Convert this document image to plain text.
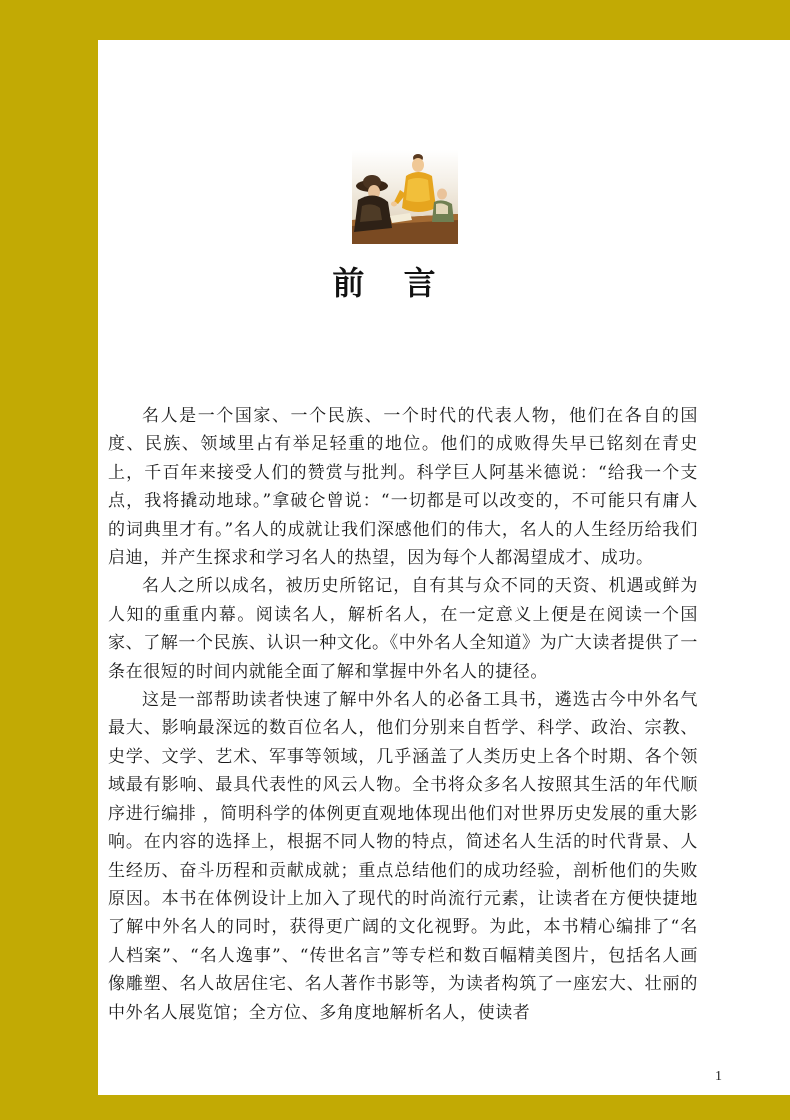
前 言

名人是一个国家、一个民族、一个时代的代表人物，他们在各自的国度、民族、领域里占有举足轻重的地位。他们的成败得失早已铭刻在青史上，千百年来接受人们的赞赏与批判。科学巨人阿基米德说：“给我一个支点，我将撬动地球。”拿破仑曾说：“一切都是可以改变的，不可能只有庸人的词典里才有。”名人的成就让我们深感他们的伟大，名人的人生经历给我们启迪，并产生探求和学习名人的热望，因为每个人都渴望成才、成功。

名人之所以成名，被历史所铭记，自有其与众不同的天资、机遇或鲜为人知的重重内幕。阅读名人，解析名人，在一定意义上便是在阅读一个国家、了解一个民族、认识一种文化。《中外名人全知道》为广大读者提供了一条在很短的时间内就能全面了解和掌握中外名人的捷径。

这是一部帮助读者快速了解中外名人的必备工具书，遴选古今中外名气最大、影响最深远的数百位名人，他们分别来自哲学、科学、政治、宗教、史学、文学、艺术、军事等领域，几乎涵盖了人类历史上各个时期、各个领域最有影响、最具代表性的风云人物。全书将众多名人按照其生活的年代顺序进行编排 ，简明科学的体例更直观地体现出他们对世界历史发展的重大影响。在内容的选择上，根据不同人物的特点，简述名人生活的时代背景、人生经历、奋斗历程和贡献成就；重点总结他们的成功经验，剖析他们的失败原因。本书在体例设计上加入了现代的时尚流行元素，让读者在方便快捷地了解中外名人的同时，获得更广阔的文化视野。为此，本书精心编排了“名人档案”、“名人逸事”、“传世名言”等专栏和数百幅精美图片，包括名人画像雕塑、名人故居住宅、名人著作书影等，为读者构筑了一座宏大、壮丽的中外名人展览馆；全方位、多角度地解析名人，使读者

1
